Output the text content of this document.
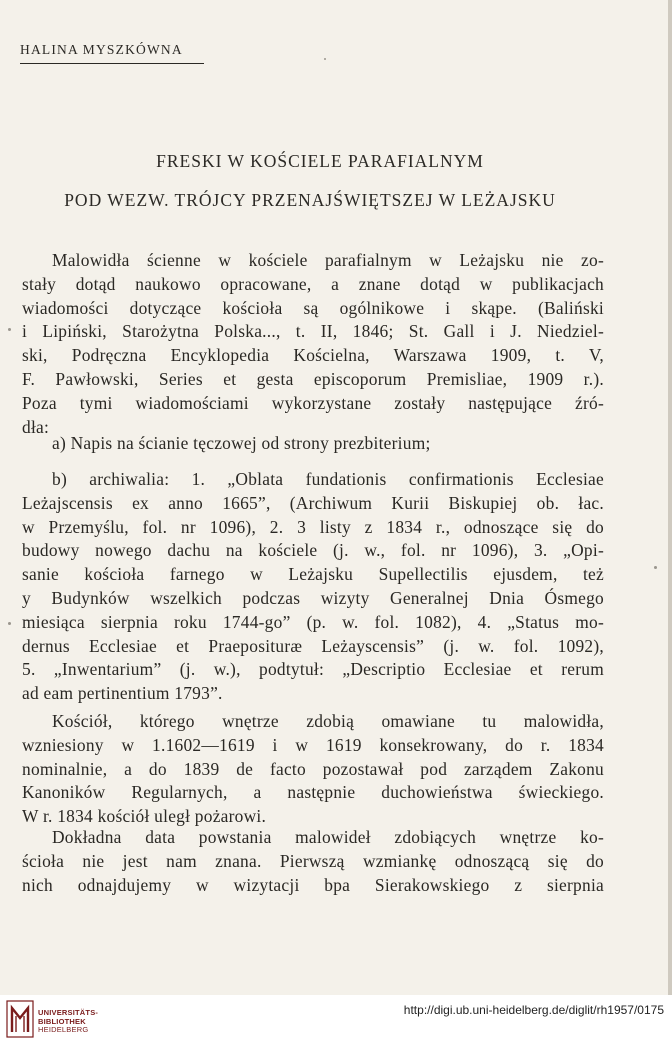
HALINA MYSZKÓWNA
FRESKI W KOŚCIELE PARAFIALNYM
POD WEZW. TRÓJCY PRZENAJŚWIĘTSZEJ W LEŻAJSKU
Malowidła ścienne w kościele parafialnym w Leżajsku nie zo-
stały dotąd naukowo opracowane, a znane dotąd w publikacjach
wiadomości dotyczące kościoła są ogólnikowe i skąpe. (Baliński
i Lipiński, Starożytna Polska..., t. II, 1846; St. Gall i J. Niedziel-
ski, Podręczna Encyklopedia Kościelna, Warszawa 1909, t. V,
F. Pawłowski, Series et gesta episcoporum Premisliae, 1909 r.).
Poza tymi wiadomościami wykorzystane zostały następujące źró-
dła:
a) Napis na ścianie tęczowej od strony prezbiterium;
b) archiwalia: 1. „Oblata fundationis confirmationis Ecclesiae
Leżajscensis ex anno 1665”, (Archiwum Kurii Biskupiej ob. łac.
w Przemyślu, fol. nr 1096), 2. 3 listy z 1834 r., odnoszące się do
budowy nowego dachu na kościele (j. w., fol. nr 1096), 3. „Opi-
sanie kościoła farnego w Leżajsku Supellectilis ejusdem, też
y Budynków wszelkich podczas wizyty Generalnej Dnia Ósmego
miesiąca sierpnia roku 1744-go” (p. w. fol. 1082), 4. „Status mo-
dernus Ecclesiae et Praeposituræ Leżayscensis” (j. w. fol. 1092),
5. „Inwentarium” (j. w.), podtytuł: „Descriptio Ecclesiae et rerum
ad eam pertinentium 1793”.
Kościół, którego wnętrze zdobią omawiane tu malowidła,
wzniesiony w 1.1602—1619 i w 1619 konsekrowany, do r. 1834
nominalnie, a do 1839 de facto pozostawał pod zarządem Zakonu
Kanoników Regularnych, a następnie duchowieństwa świeckiego.
W r. 1834 kościół uległ pożarowi.
Dokładna data powstania malowideł zdobiących wnętrze ko-
ścioła nie jest nam znana. Pierwszą wzmiankę odnoszącą się do
nich odnajdujemy w wizytacji bpa Sierakowskiego z sierpnia
UNIVERSITÄTS-
BIBLIOTHEK
HEIDELBERG
http://digi.ub.uni-heidelberg.de/diglit/rh1957/0175
